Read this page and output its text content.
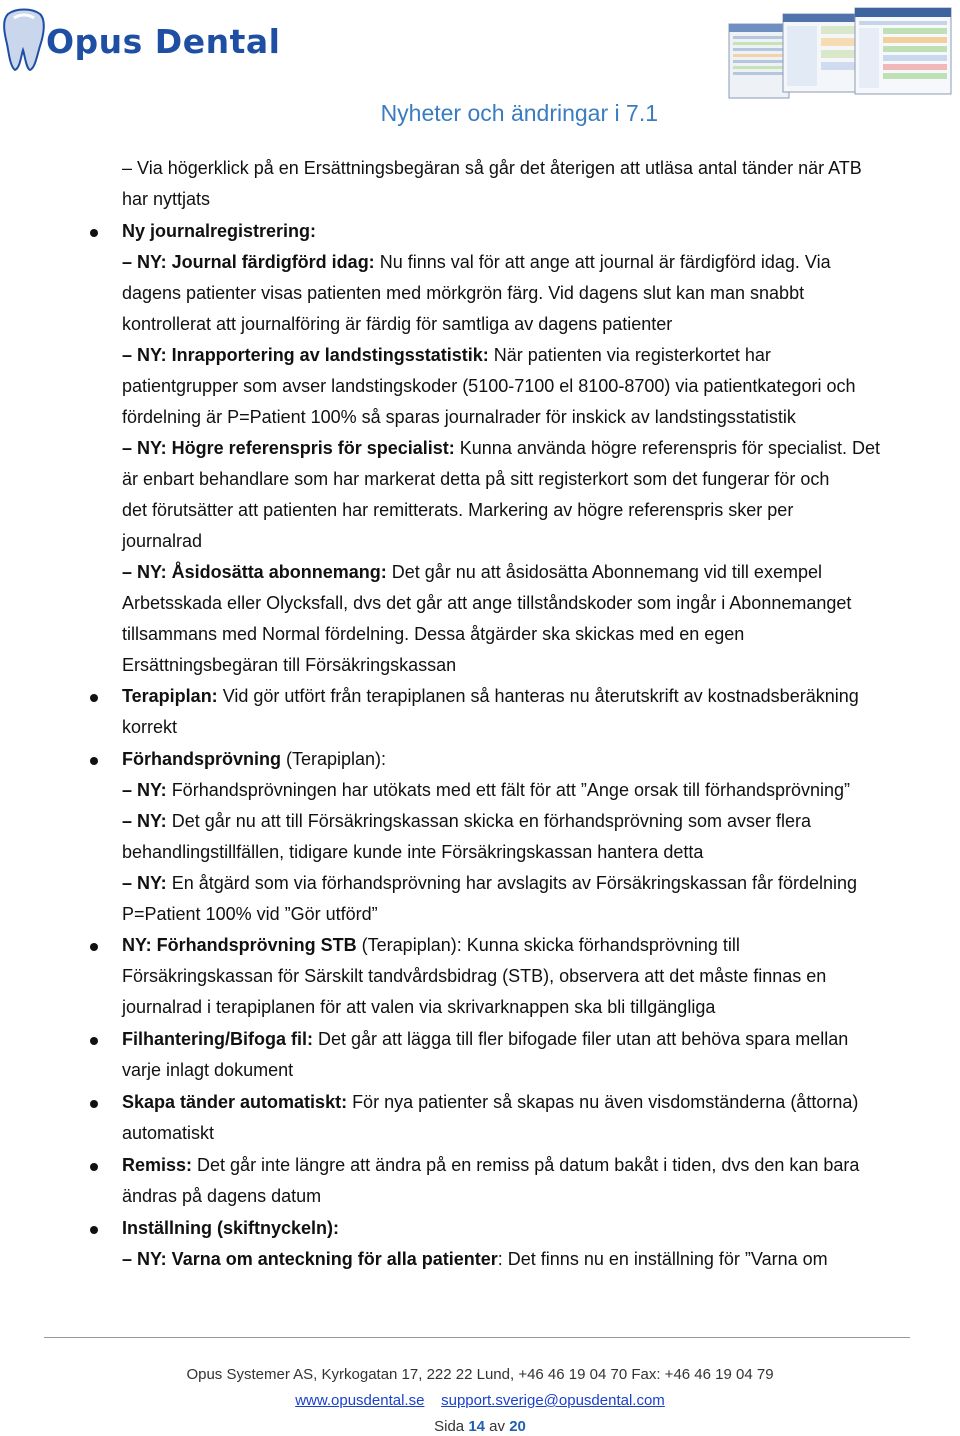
Opus Dental
Nyheter och ändringar i 7.1
– Via högerklick på en Ersättningsbegäran så går det återigen att utläsa antal tänder när ATB
har nyttjats
Ny journalregistrering:
– NY: Journal färdigförd idag: Nu finns val för att ange att journal är färdigförd idag. Via
dagens patienter visas patienten med mörkgrön färg. Vid dagens slut kan man snabbt
kontrollerat att journalföring är färdig för samtliga av dagens patienter
– NY: Inrapportering av landstingsstatistik: När patienten via registerkortet har
patientgrupper som avser landstingskoder (5100-7100 el 8100-8700) via patientkategori och
fördelning är P=Patient 100% så sparas journalrader för inskick av landstingsstatistik
– NY: Högre referenspris för specialist: Kunna använda högre referenspris för specialist. Det
är enbart behandlare som har markerat detta på sitt registerkort som det fungerar för och
det förutsätter att patienten har remitterats. Markering av högre referenspris sker per
journalrad
– NY: Åsidosätta abonnemang: Det går nu att åsidosätta Abonnemang vid till exempel
Arbetsskada eller Olycksfall, dvs det går att ange tillståndskoder som ingår i Abonnemanget
tillsammans med Normal fördelning. Dessa åtgärder ska skickas med en egen
Ersättningsbegäran till Försäkringskassan
Terapiplan: Vid gör utfört från terapiplanen så hanteras nu återutskrift av kostnadsberäkning
korrekt
Förhandsprövning (Terapiplan):
– NY: Förhandsprövningen har utökats med ett fält för att ”Ange orsak till förhandsprövning”
– NY: Det går nu att till Försäkringskassan skicka en förhandsprövning som avser flera
behandlingstillfällen, tidigare kunde inte Försäkringskassan hantera detta
– NY: En åtgärd som via förhandsprövning har avslagits av Försäkringskassan får fördelning
P=Patient 100% vid ”Gör utförd”
NY: Förhandsprövning STB (Terapiplan): Kunna skicka förhandsprövning till
Försäkringskassan för Särskilt tandvårdsbidrag (STB), observera att det måste finnas en
journalrad i terapiplanen för att valen via skrivarknappen ska bli tillgängliga
Filhantering/Bifoga fil: Det går att lägga till fler bifogade filer utan att behöva spara mellan
varje inlagt dokument
Skapa tänder automatiskt: För nya patienter så skapas nu även visdomständerna (åttorna)
automatiskt
Remiss: Det går inte längre att ändra på en remiss på datum bakåt i tiden, dvs den kan bara
ändras på dagens datum
Inställning (skiftnyckeln):
– NY: Varna om anteckning för alla patienter: Det finns nu en inställning för ”Varna om
Opus Systemer AS, Kyrkogatan 17, 222 22 Lund, +46 46 19 04 70 Fax: +46 46 19 04 79
www.opusdental.se support.sverige@opusdental.com
Sida 14 av 20
